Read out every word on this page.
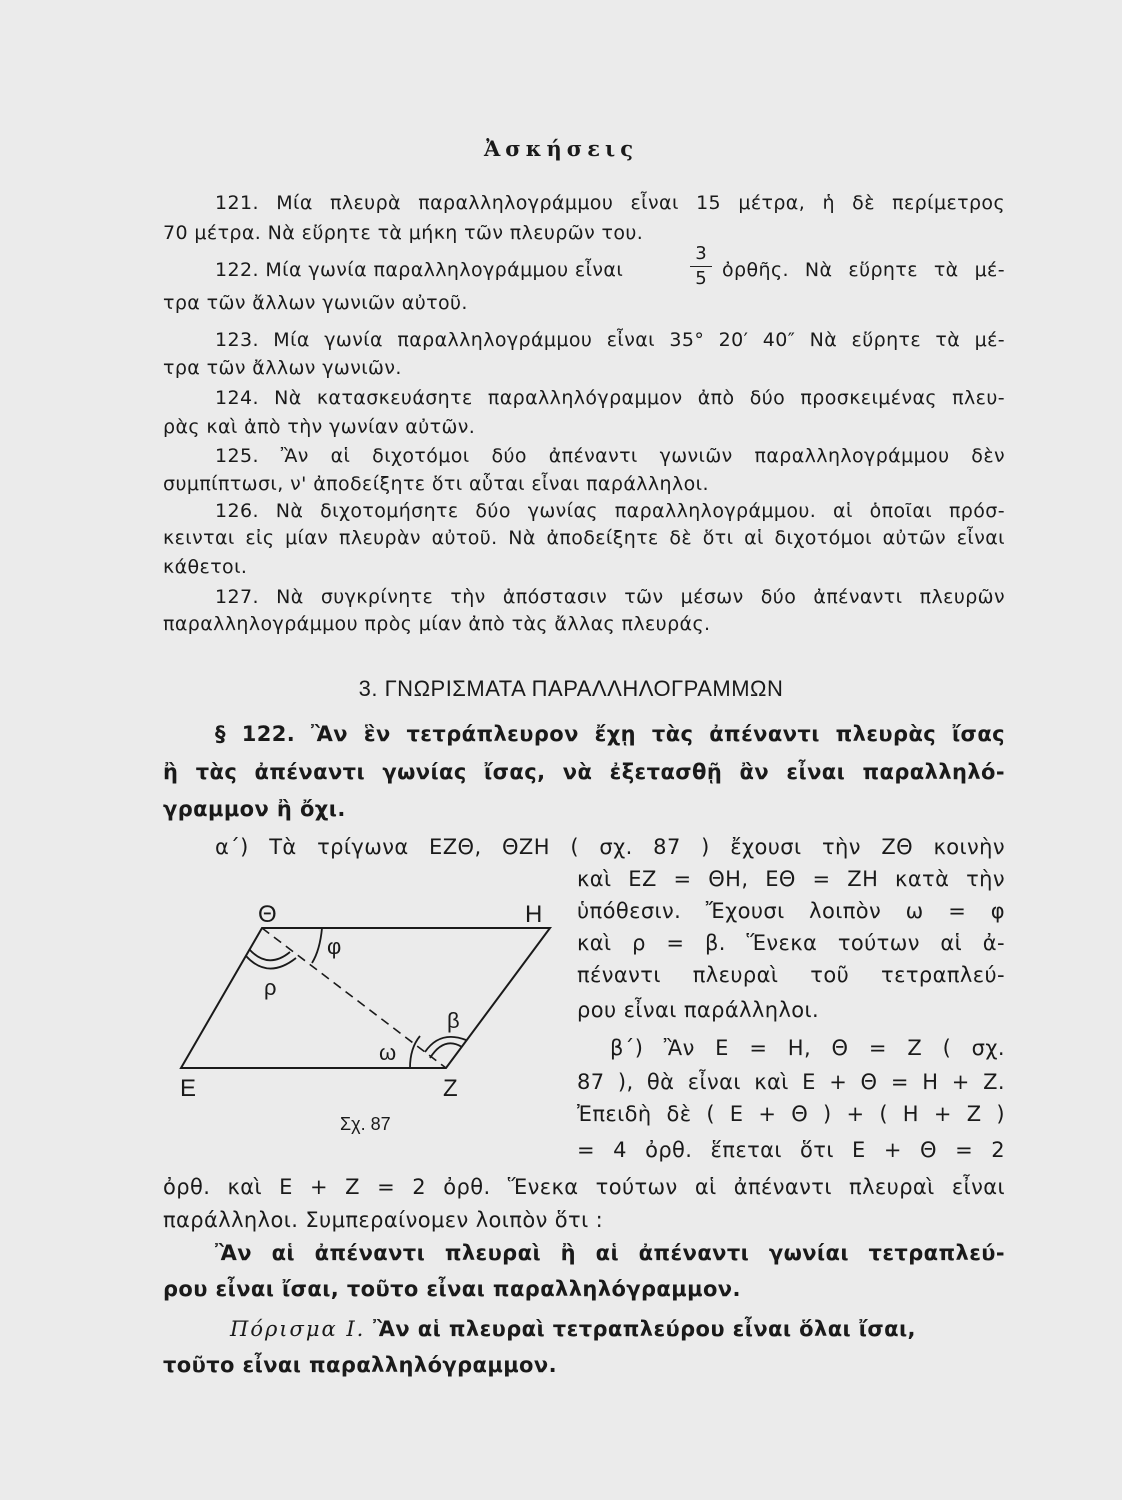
Ἀσκήσεις
121. Μία πλευρὰ παραλληλογράμμου εἶναι 15 μέτρα, ἡ δὲ περίμετρος
70 μέτρα. Νὰ εὕρητε τὰ μήκη τῶν πλευρῶν του.
122. Μία γωνία παραλληλογράμμου εἶναι
3
5 ὀρθῆς. Νὰ εὕρητε τὰ μέ-
τρα τῶν ἄλλων γωνιῶν αὐτοῦ.
123. Μία γωνία παραλληλογράμμου εἶναι 35° 20′ 40″ Νὰ εὕρητε τὰ μέ-
τρα τῶν ἄλλων γωνιῶν.
124. Νὰ κατασκευάσητε παραλληλόγραμμον ἀπὸ δύο προσκειμένας πλευ-
ρὰς καὶ ἀπὸ τὴν γωνίαν αὐτῶν.
125. Ἂν αἱ διχοτόμοι δύο ἀπέναντι γωνιῶν παραλληλογράμμου δὲν
συμπίπτωσι, ν' ἀποδείξητε ὅτι αὗται εἶναι παράλληλοι.
126. Νὰ διχοτομήσητε δύο γωνίας παραλληλογράμμου. αἱ ὁποῖαι πρόσ-
κεινται εἰς μίαν πλευρὰν αὐτοῦ. Νὰ ἀποδείξητε δὲ ὅτι αἱ διχοτόμοι αὐτῶν εἶναι
κάθετοι.
127. Νὰ συγκρίνητε τὴν ἀπόστασιν τῶν μέσων δύο ἀπέναντι πλευρῶν
παραλληλογράμμου πρὸς μίαν ἀπὸ τὰς ἄλλας πλευράς.
3. ΓΝΩΡΙΣΜΑΤΑ ΠΑΡΑΛΛΗΛΟΓΡΑΜΜΩΝ
§ 122. Ἂν ἓν τετράπλευρον ἔχῃ τὰς ἀπέναντι πλευρὰς ἴσας
ἢ τὰς ἀπέναντι γωνίας ἴσας, νὰ ἐξετασθῇ ἂν εἶναι παραλληλό-
γραμμον ἢ ὄχι.
α΄) Τὰ τρίγωνα ΕΖΘ, ΘΖΗ ( σχ. 87 ) ἔχουσι τὴν ΖΘ κοινὴν
καὶ ΕΖ = ΘΗ, ΕΘ = ΖΗ κατὰ τὴν
ὑπόθεσιν. Ἔχουσι λοιπὸν ω = φ
καὶ ρ = β. Ἕνεκα τούτων αἱ ἀ-
πέναντι πλευραὶ τοῦ τετραπλεύ-
ρου εἶναι παράλληλοι.
β΄) Ἂν Ε = Η, Θ = Ζ ( σχ.
87 ), θὰ εἶναι καὶ Ε + Θ = Η + Ζ.
Ἐπειδὴ δὲ ( Ε + Θ ) + ( Η + Ζ )
= 4 ὀρθ. ἕπεται ὅτι Ε + Θ = 2
ὀρθ. καὶ Ε + Ζ = 2 ὀρθ. Ἕνεκα τούτων αἱ ἀπέναντι πλευραὶ εἶναι
παράλληλοι. Συμπεραίνομεν λοιπὸν ὅτι :
Ἂν αἱ ἀπέναντι πλευραὶ ἢ αἱ ἀπέναντι γωνίαι τετραπλεύ-
ρου εἶναι ἴσαι, τοῦτο εἶναι παραλληλόγραμμον.
Πόρισμα Ι. Ἂν αἱ πλευραὶ τετραπλεύρου εἶναι ὅλαι ἴσαι,
τοῦτο εἶναι παραλληλόγραμμον.
Θ	Η
Ε	Ζ
φ
ρ
β
ω
Σχ. 87
